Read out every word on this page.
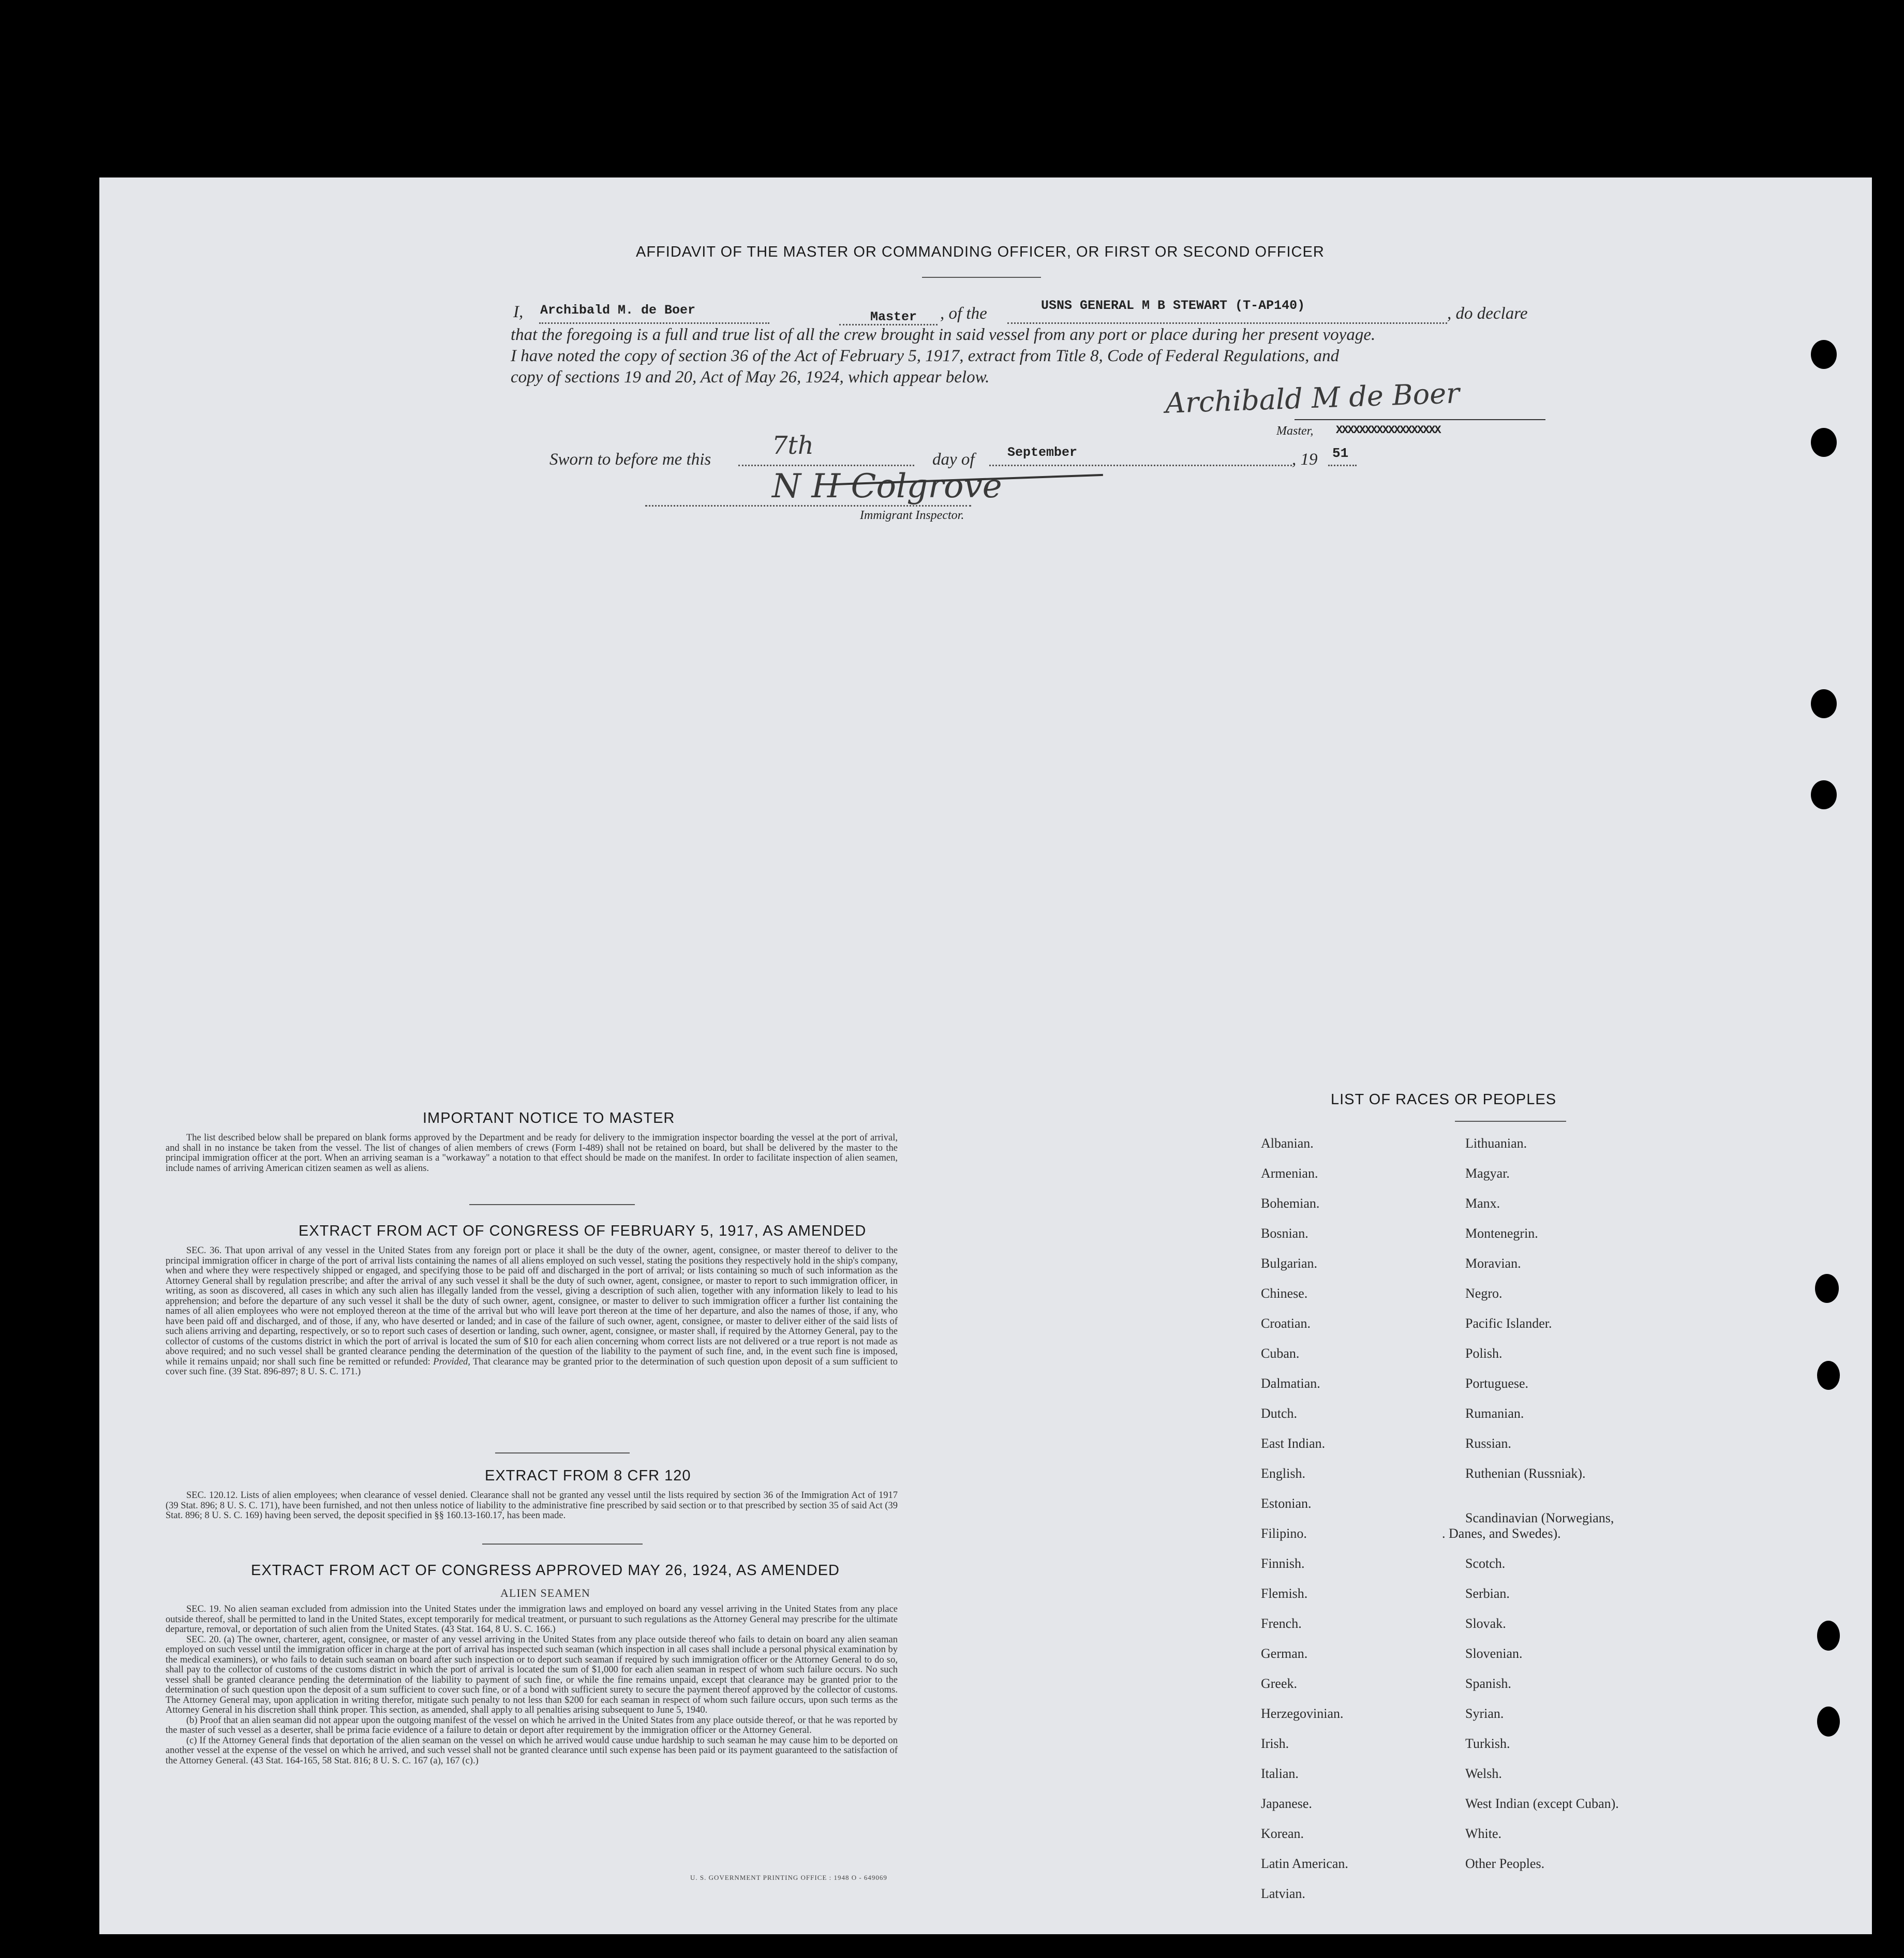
AFFIDAVIT OF THE MASTER OR COMMANDING OFFICER, OR FIRST OR SECOND OFFICER
I, Archibald M. de Boer	Master , of the	USNS GENERAL M B STEWART (T-AP140)	, do declare
that the foregoing is a full and true list of all the crew brought in said vessel from any port or place during her present voyage.
I have noted the copy of section 36 of the Act of February 5, 1917, extract from Title 8, Code of Federal Regulations, and
copy of sections 19 and 20, Act of May 26, 1924, which appear below.	Archibald M de Boer
Master, XXXXXXXXXXXXXXXXXX
Sworn to before me this 7th	day of	September	, 19 51
N H Colgrove
Immigrant Inspector.
IMPORTANT NOTICE TO MASTER

The list described below shall be prepared on blank forms approved by the Department and be ready for delivery to the immigration inspector boarding the vessel at the port of arrival, and shall in no instance be taken from the vessel. The list of changes of alien members of crews (Form I-489) shall not be retained on board, but shall be delivered by the master to the principal immigration officer at the port. When an arriving seaman is a "workaway" a notation to that effect should be made on the manifest. In order to facilitate inspection of alien seamen, include names of arriving American citizen seamen as well as aliens.

EXTRACT FROM ACT OF CONGRESS OF FEBRUARY 5, 1917, AS AMENDED

SEC. 36. That upon arrival of any vessel in the United States from any foreign port or place it shall be the duty of the owner, agent, consignee, or master thereof to deliver to the principal immigration officer in charge of the port of arrival lists containing the names of all aliens employed on such vessel, stating the positions they respectively hold in the ship's company, when and where they were respectively shipped or engaged, and specifying those to be paid off and discharged in the port of arrival; or lists containing so much of such information as the Attorney General shall by regulation prescribe; and after the arrival of any such vessel it shall be the duty of such owner, agent, consignee, or master to report to such immigration officer, in writing, as soon as discovered, all cases in which any such alien has illegally landed from the vessel, giving a description of such alien, together with any information likely to lead to his apprehension; and before the departure of any such vessel it shall be the duty of such owner, agent, consignee, or master to deliver to such immigration officer a further list containing the names of all alien employees who were not employed thereon at the time of the arrival but who will leave port thereon at the time of her departure, and also the names of those, if any, who have been paid off and discharged, and of those, if any, who have deserted or landed; and in case of the failure of such owner, agent, consignee, or master to deliver either of the said lists of such aliens arriving and departing, respectively, or so to report such cases of desertion or landing, such owner, agent, consignee, or master shall, if required by the Attorney General, pay to the collector of customs of the customs district in which the port of arrival is located the sum of $10 for each alien concerning whom correct lists are not delivered or a true report is not made as above required; and no such vessel shall be granted clearance pending the determination of the question of the liability to the payment of such fine, and, in the event such fine is imposed, while it remains unpaid; nor shall such fine be remitted or refunded: Provided, That clearance may be granted prior to the determination of such question upon deposit of a sum sufficient to cover such fine. (39 Stat. 896-897; 8 U. S. C. 171.)

EXTRACT FROM 8 CFR 120

SEC. 120.12. Lists of alien employees; when clearance of vessel denied. Clearance shall not be granted any vessel until the lists required by section 36 of the Immigration Act of 1917 (39 Stat. 896; 8 U. S. C. 171), have been furnished, and not then unless notice of liability to the administrative fine prescribed by said section or to that prescribed by section 35 of said Act (39 Stat. 896; 8 U. S. C. 169) having been served, the deposit specified in §§ 160.13-160.17, has been made.

EXTRACT FROM ACT OF CONGRESS APPROVED MAY 26, 1924, AS AMENDED
ALIEN SEAMEN

SEC. 19. No alien seaman excluded from admission into the United States under the immigration laws and employed on board any vessel arriving in the United States from any place outside thereof, shall be permitted to land in the United States, except temporarily for medical treatment, or pursuant to such regulations as the Attorney General may prescribe for the ultimate departure, removal, or deportation of such alien from the United States. (43 Stat. 164, 8 U. S. C. 166.)

SEC. 20. (a) The owner, charterer, agent, consignee, or master of any vessel arriving in the United States from any place outside thereof who fails to detain on board any alien seaman employed on such vessel until the immigration officer in charge at the port of arrival has inspected such seaman (which inspection in all cases shall include a personal physical examination by the medical examiners), or who fails to detain such seaman on board after such inspection or to deport such seaman if required by such immigration officer or the Attorney General to do so, shall pay to the collector of customs of the customs district in which the port of arrival is located the sum of $1,000 for each alien seaman in respect of whom such failure occurs. No such vessel shall be granted clearance pending the determination of the liability to payment of such fine, or while the fine remains unpaid, except that clearance may be granted prior to the determination of such question upon the deposit of a sum sufficient to cover such fine, or of a bond with sufficient surety to secure the payment thereof approved by the collector of customs. The Attorney General may, upon application in writing therefor, mitigate such penalty to not less than $200 for each seaman in respect of whom such failure occurs, upon such terms as the Attorney General in his discretion shall think proper. This section, as amended, shall apply to all penalties arising subsequent to June 5, 1940.

(b) Proof that an alien seaman did not appear upon the outgoing manifest of the vessel on which he arrived in the United States from any place outside thereof, or that he was reported by the master of such vessel as a deserter, shall be prima facie evidence of a failure to detain or deport after requirement by the immigration officer or the Attorney General.

(c) If the Attorney General finds that deportation of the alien seaman on the vessel on which he arrived would cause undue hardship to such seaman he may cause him to be deported on another vessel at the expense of the vessel on which he arrived, and such vessel shall not be granted clearance until such expense has been paid or its payment guaranteed to the satisfaction of the Attorney General. (43 Stat. 164-165, 58 Stat. 816; 8 U. S. C. 167 (a), 167 (c).)

U. S. GOVERNMENT PRINTING OFFICE : 1948 O - 649069
LIST OF RACES OR PEOPLES
Albanian.
Armenian.
Bohemian.
Bosnian.
Bulgarian.
Chinese.
Croatian.
Cuban.
Dalmatian.
Dutch.
East Indian.
English.
Estonian.
Filipino.
Finnish.
Flemish.
French.
German.
Greek.
Herzegovinian.
Irish.
Italian.
Japanese.
Korean.
Latin American.
Latvian.
Lithuanian.
Magyar.
Manx.
Montenegrin.
Moravian.
Negro.
Pacific Islander.
Polish.
Portuguese.
Rumanian.
Russian.
Ruthenian (Russniak).
Scandinavian (Norwegians,
. Danes, and Swedes).
Scotch.
Serbian.
Slovak.
Slovenian.
Spanish.
Syrian.
Turkish.
Welsh.
West Indian (except Cuban).
White.
Other Peoples.
